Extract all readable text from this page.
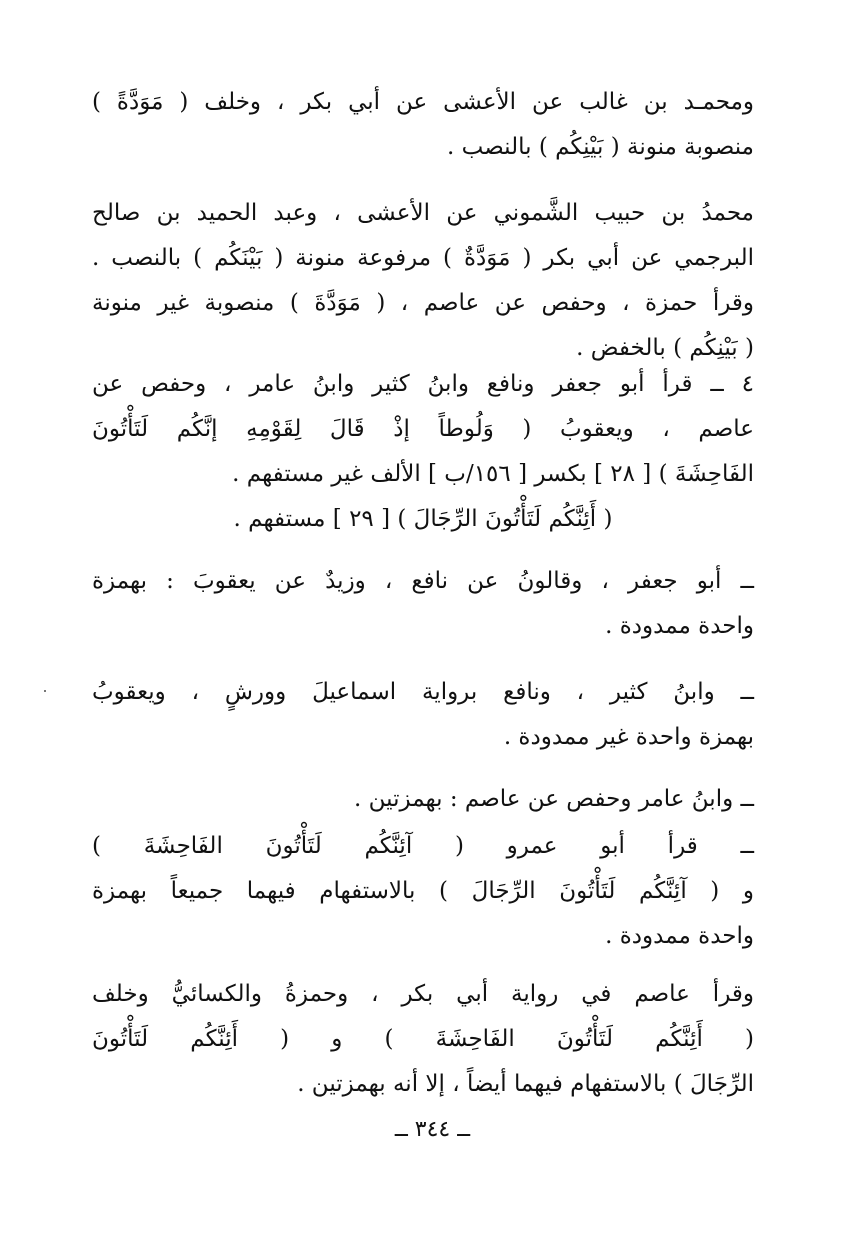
ومحمـد بن غالب عن الأعشى عن أبي بكر ، وخلف ( مَوَدَّةً )
منصوبة منونة ( بَيْنِكُم ) بالنصب .
محمدُ بن حبيب الشَّموني عن الأعشى ، وعبد الحميد بن صالح
البرجمي عن أبي بكر ( مَوَدَّةٌ ) مرفوعة منونة ( بَيْنَكُم ) بالنصب .
وقرأ حمزة ، وحفص عن عاصم ، ( مَوَدَّةَ ) منصوبة غير منونة
( بَيْنِكُم ) بالخفض .
٤ ــ قرأ أبو جعفر ونافع وابنُ كثير وابنُ عامر ، وحفص عن
عاصم ، ويعقوبُ ( وَلُوطاً إذْ قَالَ لِقَوْمِهِ إنَّكُم لَتَأْتُونَ
الفَاحِشَةَ ) [ ٢٨ ] بكسر [ ١٥٦/ب ] الألف غير مستفهم .
( أَئِنَّكُم لَتَأْتُونَ الرِّجَالَ ) [ ٢٩ ] مستفهم .
ــ أبو جعفر ، وقالونُ عن نافع ، وزيدٌ عن يعقوبَ : بهمزة
واحدة ممدودة .
ــ وابنُ كثير ، ونافع برواية اسماعيلَ وورشٍ ، ويعقوبُ
بهمزة واحدة غير ممدودة .
ــ وابنُ عامر وحفص عن عاصم : بهمزتين .
ــ قرأ أبو عمرو ( آئِنَّكُم لَتَأْتُونَ الفَاحِشَةَ )
و ( آئِنَّكُم لَتَأْتُونَ الرِّجَالَ ) بالاستفهام فيهما جميعاً بهمزة
واحدة ممدودة .
وقرأ عاصم في رواية أبي بكر ، وحمزةُ والكسائيُّ وخلف
( أَئِنَّكُم لَتَأْتُونَ الفَاحِشَةَ ) و ( أَئِنَّكُم لَتَأْتُونَ
الرِّجَالَ ) بالاستفهام فيهما أيضاً ، إلا أنه بهمزتين .
ــ ٣٤٤ ــ
